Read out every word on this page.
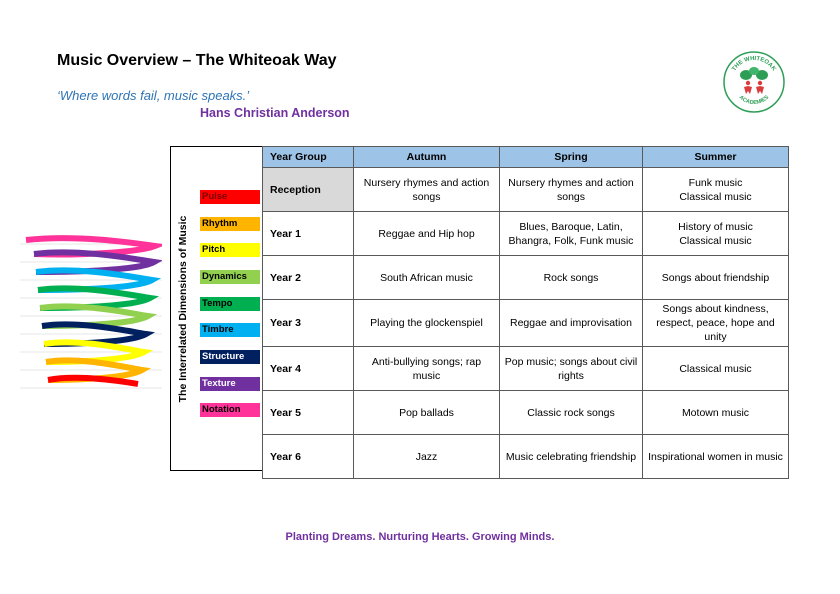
Music Overview – The Whiteoak Way
‘Where words fail, music speaks.’
Hans Christian Anderson
THE WHITEOAK
ACADEMIES
The Interrelated Dimensions of Music
Pulse
Rhythm
Pitch
Dynamics
Tempo
Timbre
Structure
Texture
Notation
Year Group	Autumn	Spring	Summer
Reception	Nursery rhymes and action songs	Nursery rhymes and action songs	Funk music
Classical music
Year 1	Reggae and Hip hop	Blues, Baroque, Latin, Bhangra, Folk, Funk music	History of music
Classical music
Year 2	South African music	Rock songs	Songs about friendship
Year 3	Playing the glockenspiel	Reggae and improvisation	Songs about kindness, respect, peace, hope and unity
Year 4	Anti-bullying songs; rap music	Pop music; songs about civil rights	Classical music
Year 5	Pop ballads	Classic rock songs	Motown music
Year 6	Jazz	Music celebrating friendship	Inspirational women in music
Planting Dreams. Nurturing Hearts. Growing Minds.
